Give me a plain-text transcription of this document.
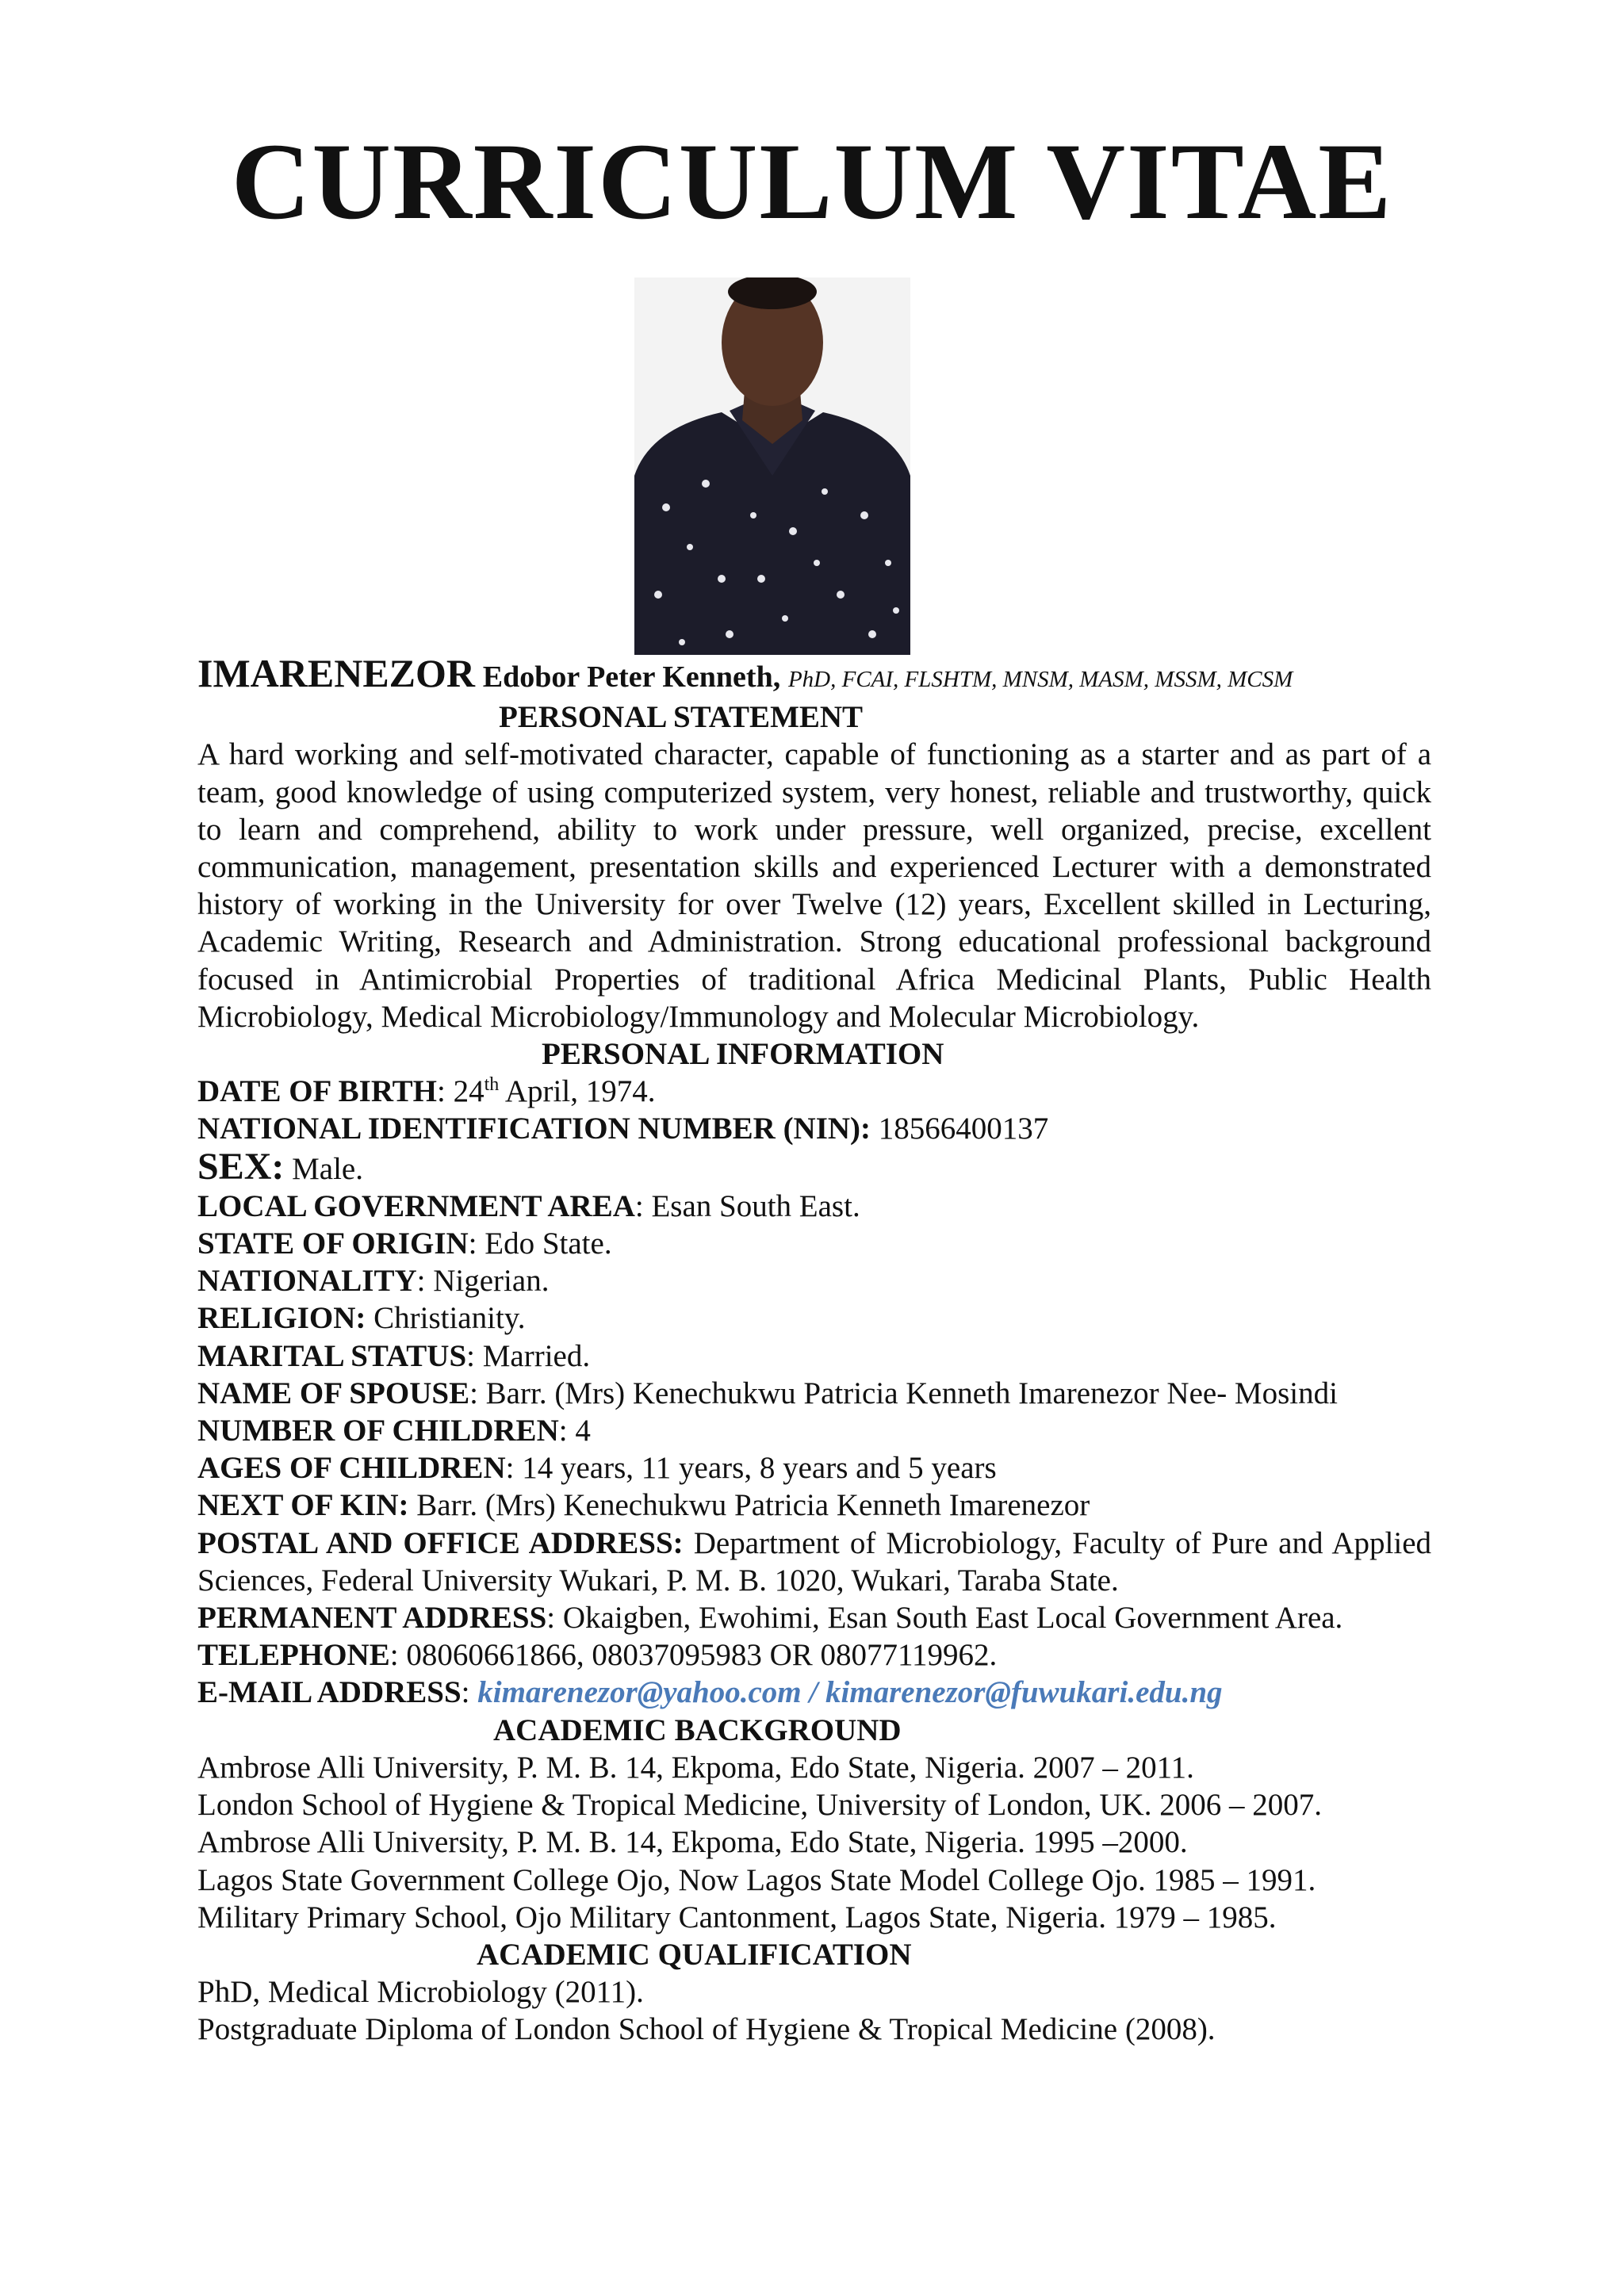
CURRICULUM VITAE

IMARENEZOR Edobor Peter Kenneth, PhD, FCAI, FLSHTM, MNSM, MASM, MSSM, MCSM

PERSONAL STATEMENT

A hard working and self-motivated character, capable of functioning as a starter and as part of a team, good knowledge of using computerized system, very honest, reliable and trustworthy, quick to learn and comprehend, ability to work under pressure, well organized, precise, excellent communication, management, presentation skills and experienced Lecturer with a demonstrated history of working in the University for over Twelve (12) years, Excellent skilled in Lecturing, Academic Writing, Research and Administration. Strong educational professional background focused in Antimicrobial Properties of traditional Africa Medicinal Plants, Public Health Microbiology, Medical Microbiology/Immunology and Molecular Microbiology.

PERSONAL INFORMATION

DATE OF BIRTH: 24th April, 1974.

NATIONAL IDENTIFICATION NUMBER (NIN): 18566400137

SEX: Male.

LOCAL GOVERNMENT AREA: Esan South East.

STATE OF ORIGIN: Edo State.

NATIONALITY: Nigerian.

RELIGION: Christianity.

MARITAL STATUS: Married.

NAME OF SPOUSE: Barr. (Mrs) Kenechukwu Patricia Kenneth Imarenezor Nee- Mosindi

NUMBER OF CHILDREN: 4

AGES OF CHILDREN: 14 years, 11 years, 8 years and 5 years

NEXT OF KIN: Barr. (Mrs) Kenechukwu Patricia Kenneth Imarenezor

POSTAL AND OFFICE ADDRESS: Department of Microbiology, Faculty of Pure and Applied Sciences, Federal University Wukari, P. M. B. 1020, Wukari, Taraba State.

PERMANENT ADDRESS: Okaigben, Ewohimi, Esan South East Local Government Area.

TELEPHONE: 08060661866, 08037095983 OR 08077119962.

E-MAIL ADDRESS: kimarenezor@yahoo.com / kimarenezor@fuwukari.edu.ng

ACADEMIC BACKGROUND

Ambrose Alli University, P. M. B. 14, Ekpoma, Edo State, Nigeria. 2007 – 2011.

London School of Hygiene & Tropical Medicine, University of London, UK. 2006 – 2007.

Ambrose Alli University, P. M. B. 14, Ekpoma, Edo State, Nigeria. 1995 –2000.

Lagos State Government College Ojo, Now Lagos State Model College Ojo. 1985 – 1991.

Military Primary School, Ojo Military Cantonment, Lagos State, Nigeria. 1979 – 1985.

ACADEMIC QUALIFICATION

PhD, Medical Microbiology (2011).

Postgraduate Diploma of London School of Hygiene & Tropical Medicine (2008).
